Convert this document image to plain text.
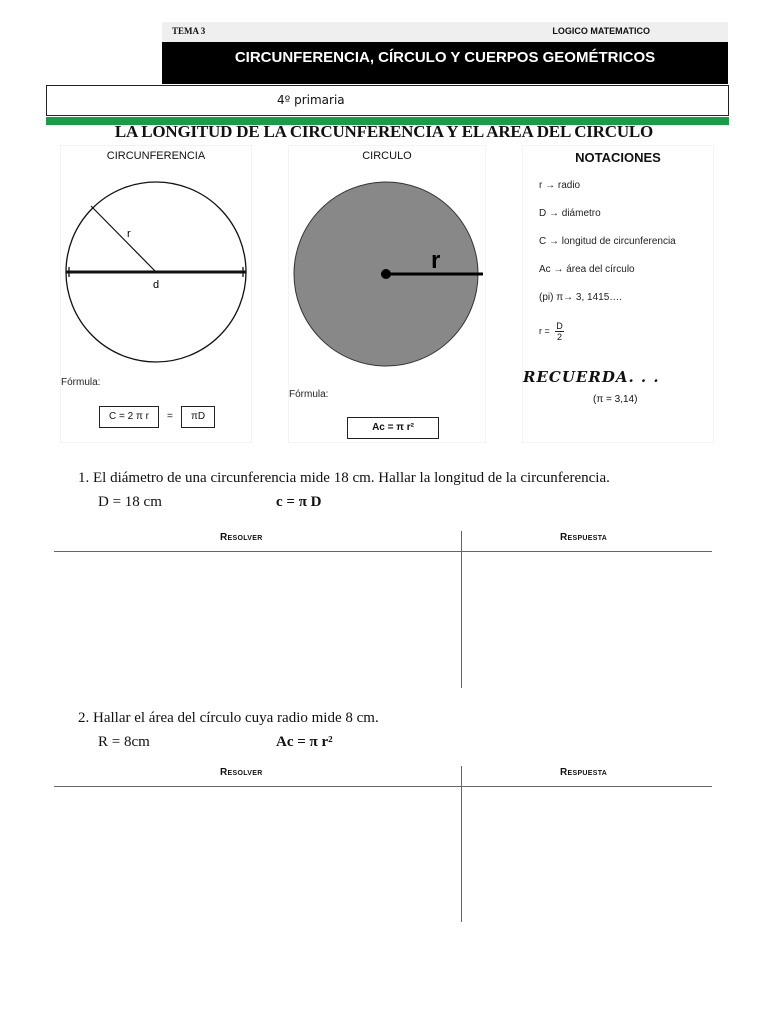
TEMA 3	LOGICO MATEMATICO
CIRCUNFERENCIA, CÍRCULO Y CUERPOS GEOMÉTRICOS
4º primaria
LA LONGITUD DE LA CIRCUNFERENCIA Y EL AREA DEL CIRCULO
CIRCUNFERENCIA
r
d
Fórmula:
C = 2 π r	=	πD
CIRCULO
r
Fórmula:
Ac = π r²
NOTACIONES
r → radio
D → diámetro
C → longitud de circunferencia
Ac → área del círculo
(pi) π→ 3, 1415….
$r = \frac{D}{2}$
RECUERDA. . .
(π = 3,14)
1. El diámetro de una circunferencia mide 18 cm. Hallar la longitud de la circunferencia.
D = 18 cm	c = π D
Resolver	Respuesta
2. Hallar el área del círculo cuya radio mide 8 cm.
R = 8cm	Ac = π r²
Resolver	Respuesta
